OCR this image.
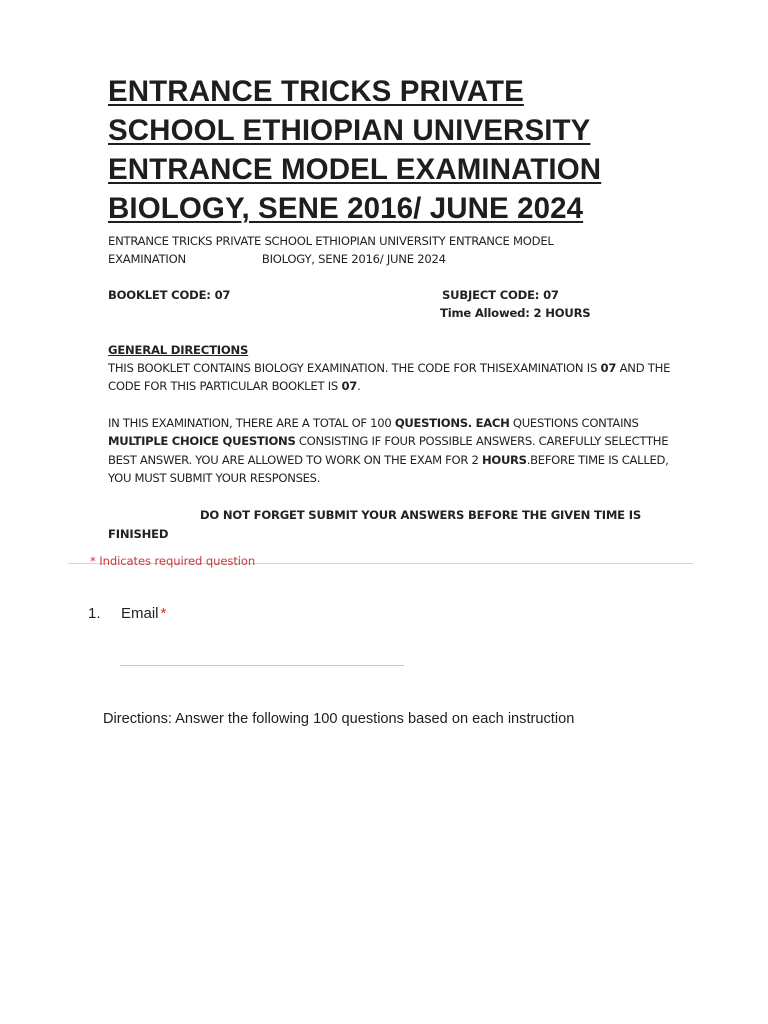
ENTRANCE TRICKS PRIVATE
SCHOOL ETHIOPIAN UNIVERSITY
ENTRANCE MODEL EXAMINATION
BIOLOGY, SENE 2016/ JUNE 2024

ENTRANCE TRICKS PRIVATE SCHOOL ETHIOPIAN UNIVERSITY ENTRANCE MODEL
EXAMINATION	BIOLOGY, SENE 2016/ JUNE 2024

BOOKLET CODE: 07	SUBJECT CODE: 07
Time Allowed: 2 HOURS
GENERAL DIRECTIONS

THIS BOOKLET CONTAINS BIOLOGY EXAMINATION. THE CODE FOR THISEXAMINATION IS 07 AND THE CODE FOR THIS PARTICULAR BOOKLET IS 07.

IN THIS EXAMINATION, THERE ARE A TOTAL OF 100 QUESTIONS. EACH QUESTIONS CONTAINS MULTIPLE CHOICE QUESTIONS CONSISTING IF FOUR POSSIBLE ANSWERS. CAREFULLY SELECTTHE BEST ANSWER. YOU ARE ALLOWED TO WORK ON THE EXAM FOR 2 HOURS.BEFORE TIME IS CALLED, YOU MUST SUBMIT YOUR RESPONSES.

DO NOT FORGET SUBMIT YOUR ANSWERS BEFORE THE GIVEN TIME IS
FINISHED

* Indicates required question
1. Email *
Directions: Answer the following 100 questions based on each instruction
